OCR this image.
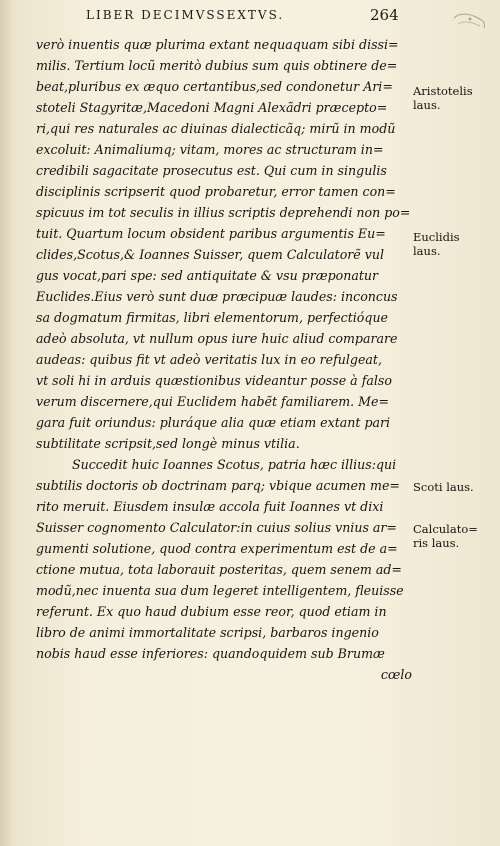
LIBER DECIMVSSEXTVS.	264
verò inuentis quæ plurima extant nequaquam sibi dissi=
milis. Tertium locũ meritò dubius sum quis obtinere de=
beat,pluribus ex æquo certantibus,sed condonetur Ari=
stoteli Stagyritæ,Macedoni Magni Alexãdri præcepto=
ri,qui res naturales ac diuinas dialecticãq; mirũ in modũ
excoluit: Animaliumq; vitam, mores ac structuram in=
credibili sagacitate prosecutus est. Qui cum in singulis
disciplinis scripserit quod probaretur, error tamen con=
spicuus im tot seculis in illius scriptis deprehendi non po=
tuit. Quartum locum obsident paribus argumentis Eu=
clides,Scotus,& Ioannes Suisser, quem Calculatorẽ vul
gus vocat,pari spe: sed antiquitate & vsu præponatur
Euclides.Eius verò sunt duæ præcipuæ laudes: inconcus
sa dogmatum firmitas, libri elementorum, perfectióque
adeò absoluta, vt nullum opus iure huic aliud comparare
audeas: quibus fit vt adeò veritatis lux in eo refulgeat,
vt soli hi in arduis quæstionibus videantur posse à falso
verum discernere,qui Euclidem habẽt familiarem. Me=
gara fuit oriundus: pluráque alia quæ etiam extant pari
subtilitate scripsit,sed longè minus vtilia.
Succedit huic Ioannes Scotus, patria hæc illius:qui
subtilis doctoris ob doctrinam parq; vbique acumen me=
rito meruit. Eiusdem insulæ accola fuit Ioannes vt dixi
Suisser cognomento Calculator:in cuius solius vnius ar=
gumenti solutione, quod contra experimentum est de a=
ctione mutua, tota laborauit posteritas, quem senem ad=
modũ,nec inuenta sua dum legeret intelligentem, fleuisse
referunt. Ex quo haud dubium esse reor, quod etiam in
libro de animi immortalitate scripsi, barbaros ingenio
nobis haud esse inferiores: quandoquidem sub Brumæ
cœlo
Aristotelis
laus.
Euclidis
laus.
Scoti laus.
Calculato=
ris laus.
